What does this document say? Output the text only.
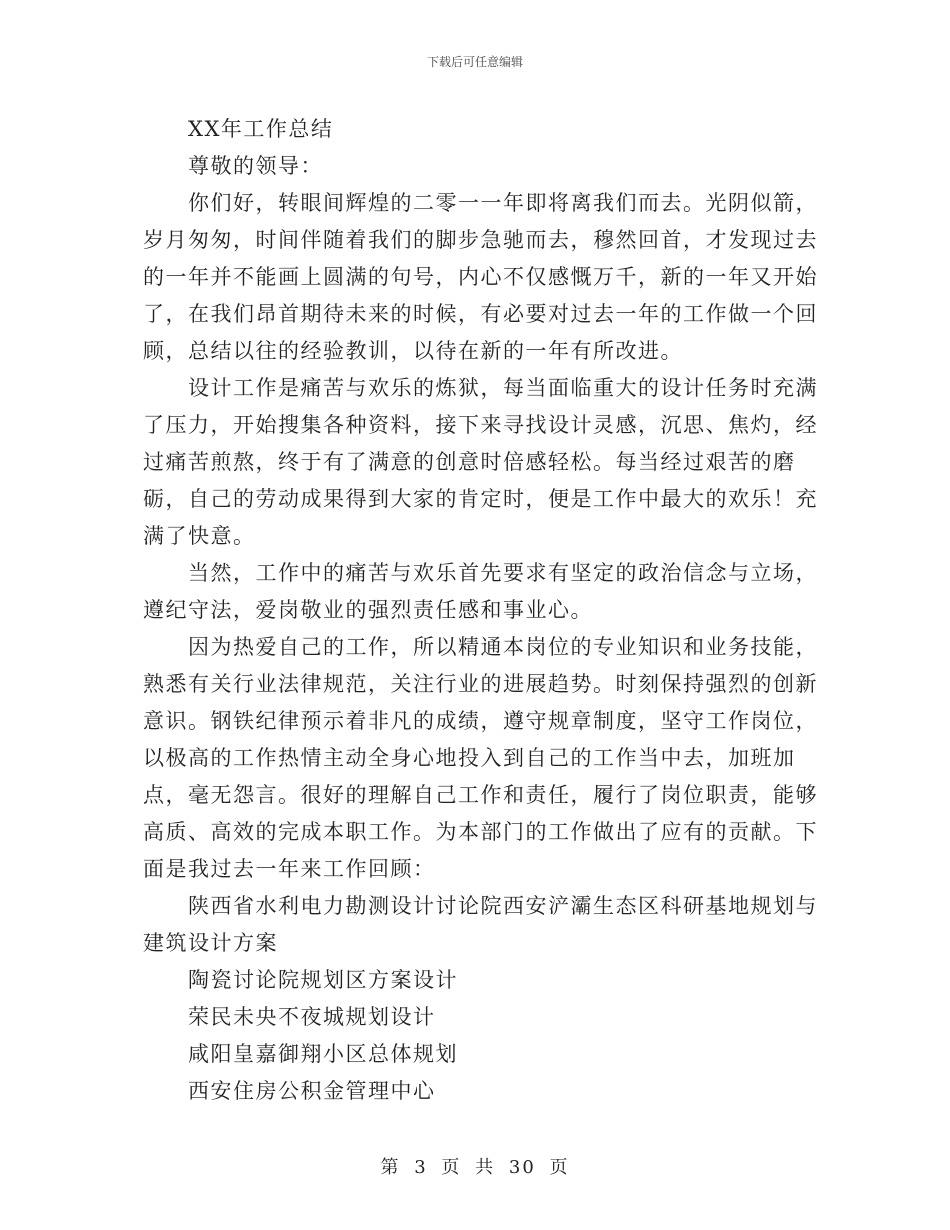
下载后可任意编辑

XX年工作总结

尊敬的领导：

你们好，转眼间辉煌的二零一一年即将离我们而去。光阴似箭，岁月匆匆，时间伴随着我们的脚步急驰而去，穆然回首，才发现过去的一年并不能画上圆满的句号，内心不仅感慨万千，新的一年又开始了，在我们昂首期待未来的时候，有必要对过去一年的工作做一个回顾，总结以往的经验教训，以待在新的一年有所改进。

设计工作是痛苦与欢乐的炼狱，每当面临重大的设计任务时充满了压力，开始搜集各种资料，接下来寻找设计灵感，沉思、焦灼，经过痛苦煎熬，终于有了满意的创意时倍感轻松。每当经过艰苦的磨砺，自己的劳动成果得到大家的肯定时，便是工作中最大的欢乐！充满了快意。

当然，工作中的痛苦与欢乐首先要求有坚定的政治信念与立场，遵纪守法，爱岗敬业的强烈责任感和事业心。

因为热爱自己的工作，所以精通本岗位的专业知识和业务技能，熟悉有关行业法律规范，关注行业的进展趋势。时刻保持强烈的创新意识。钢铁纪律预示着非凡的成绩，遵守规章制度，坚守工作岗位，以极高的工作热情主动全身心地投入到自己的工作当中去，加班加点，毫无怨言。很好的理解自己工作和责任，履行了岗位职责，能够高质、高效的完成本职工作。为本部门的工作做出了应有的贡献。下面是我过去一年来工作回顾：

陕西省水利电力勘测设计讨论院西安浐灞生态区科研基地规划与建筑设计方案

陶瓷讨论院规划区方案设计

荣民未央不夜城规划设计

咸阳皇嘉御翔小区总体规划

西安住房公积金管理中心

第 3 页 共 30 页
